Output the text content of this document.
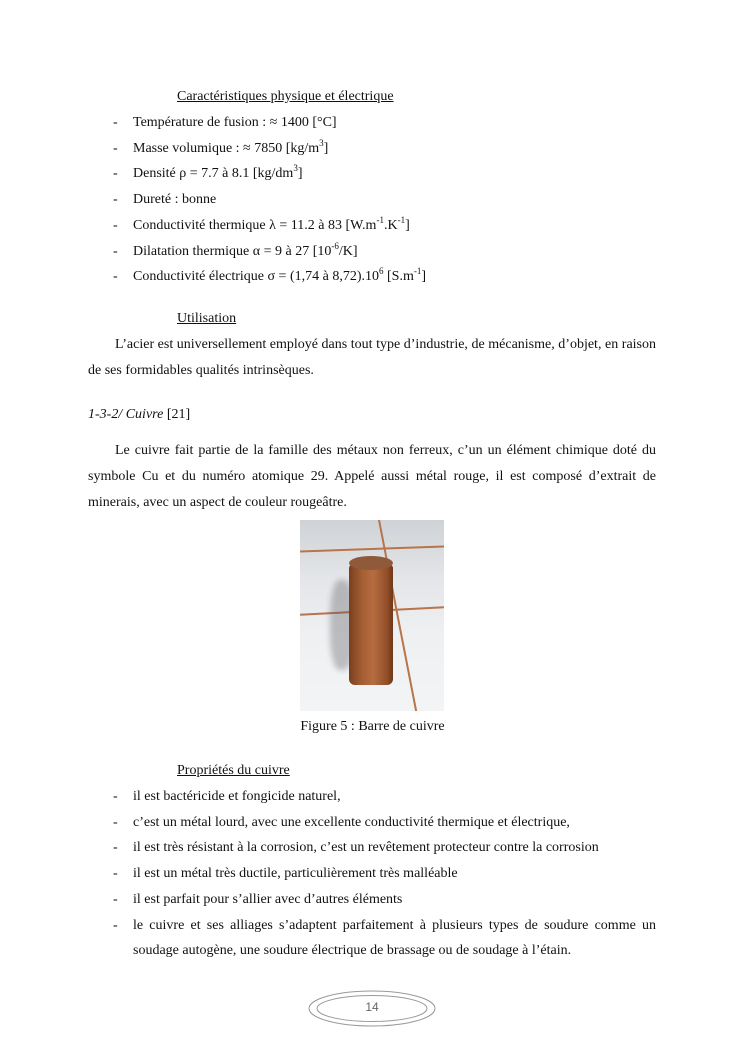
Caractéristiques physique et électrique
- Température de fusion : ≈ 1400 [°C]
- Masse volumique : ≈ 7850 $[kg/m^3]$
- Densité ρ = 7.7 à 8.1 $[kg/dm^3]$
- Dureté : bonne
- Conductivité thermique λ = 11.2 à 83 $[W.m^{-1}.K^{-1}]$
- Dilatation thermique α = 9 à 27 $[10^{-6}/K]$
- Conductivité électrique σ = (1,74 à $8,72).10^6$ $[S.m^{-1}]$
Utilisation
L’acier est universellement employé dans tout type d’industrie, de mécanisme, d’objet, en raison de ses formidables qualités intrinsèques.
1-3-2/ Cuivre [21]
Le cuivre fait partie de la famille des métaux non ferreux, c’un un élément chimique doté du symbole Cu et du numéro atomique 29. Appelé aussi métal rouge, il est composé d’extrait de minerais, avec un aspect de couleur rougeâtre.
Figure 5 : Barre de cuivre
Propriétés du cuivre
- il est bactéricide et fongicide naturel,
- c’est un métal lourd, avec une excellente conductivité thermique et électrique,
- il est très résistant à la corrosion, c’est un revêtement protecteur contre la corrosion
- il est un métal très ductile, particulièrement très malléable
- il est parfait pour s’allier avec d’autres éléments
- le cuivre et ses alliages s’adaptent parfaitement à plusieurs types de soudure comme un soudage autogène, une soudure électrique de brassage ou de soudage à l’étain.
14
